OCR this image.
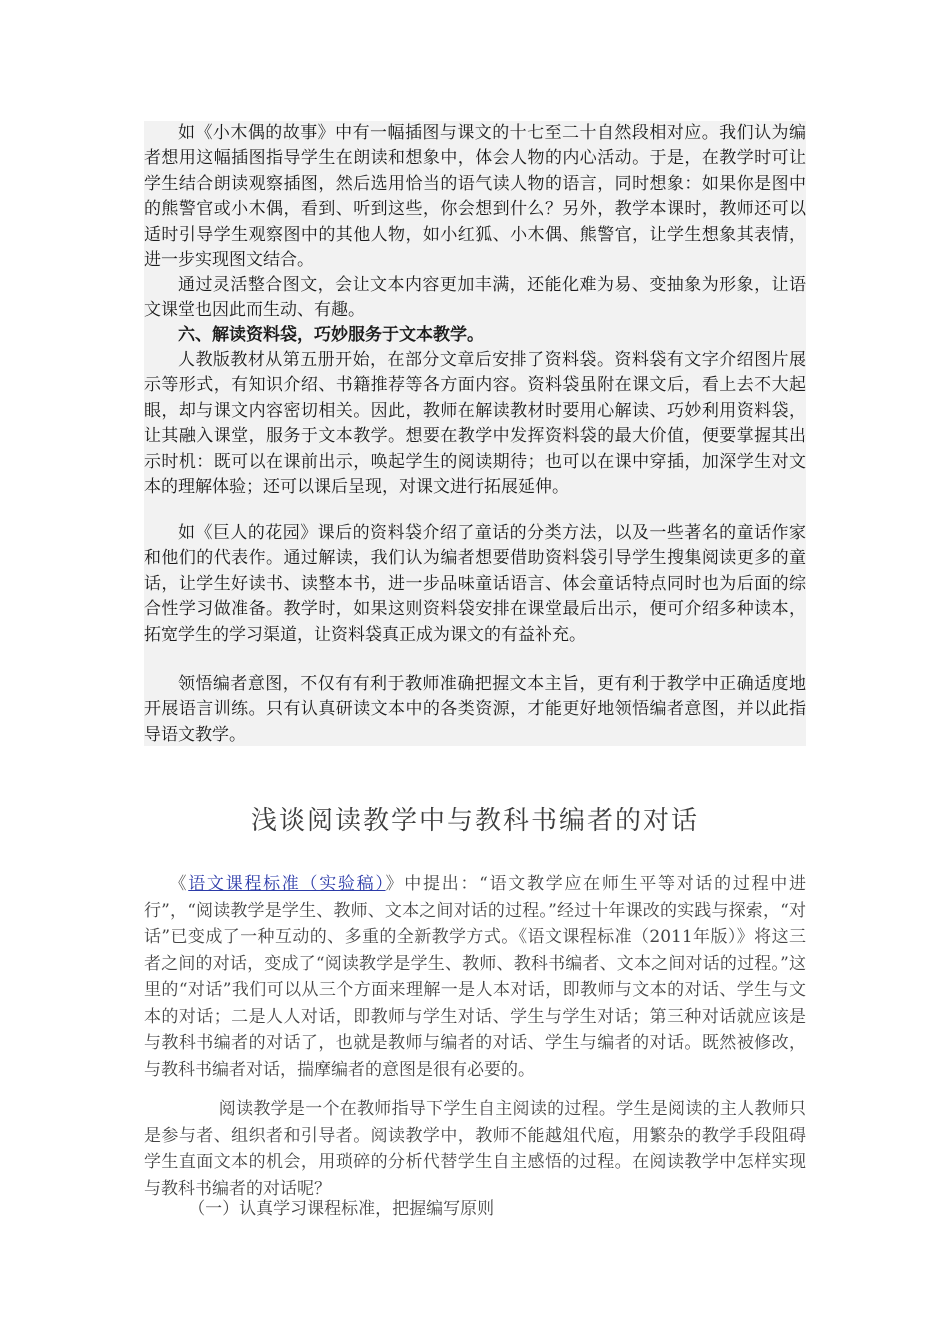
如《小木偶的故事》中有一幅插图与课文的十七至二十自然段相对应。我们认为编者想用这幅插图指导学生在朗读和想象中，体会人物的内心活动。于是，在教学时可让学生结合朗读观察插图，然后选用恰当的语气读人物的语言，同时想象：如果你是图中的熊警官或小木偶，看到、听到这些，你会想到什么？另外，教学本课时，教师还可以适时引导学生观察图中的其他人物，如小红狐、小木偶、熊警官，让学生想象其表情，进一步实现图文结合。

通过灵活整合图文，会让文本内容更加丰满，还能化难为易、变抽象为形象，让语文课堂也因此而生动、有趣。

六、解读资料袋，巧妙服务于文本教学。

人教版教材从第五册开始，在部分文章后安排了资料袋。资料袋有文字介绍图片展示等形式，有知识介绍、书籍推荐等各方面内容。资料袋虽附在课文后，看上去不大起眼，却与课文内容密切相关。因此，教师在解读教材时要用心解读、巧妙利用资料袋，让其融入课堂，服务于文本教学。想要在教学中发挥资料袋的最大价值，便要掌握其出示时机：既可以在课前出示，唤起学生的阅读期待；也可以在课中穿插，加深学生对文本的理解体验；还可以课后呈现，对课文进行拓展延伸。

如《巨人的花园》课后的资料袋介绍了童话的分类方法，以及一些著名的童话作家和他们的代表作。通过解读，我们认为编者想要借助资料袋引导学生搜集阅读更多的童话，让学生好读书、读整本书，进一步品味童话语言、体会童话特点同时也为后面的综合性学习做准备。教学时，如果这则资料袋安排在课堂最后出示，便可介绍多种读本，拓宽学生的学习渠道，让资料袋真正成为课文的有益补充。

领悟编者意图，不仅有有利于教师准确把握文本主旨，更有利于教学中正确适度地开展语言训练。只有认真研读文本中的各类资源，才能更好地领悟编者意图，并以此指导语文教学。

浅谈阅读教学中与教科书编者的对话

《语文课程标准（实验稿）》中提出：“语文教学应在师生平等对话的过程中进行”，“阅读教学是学生、教师、文本之间对话的过程。”经过十年课改的实践与探索，“对话”已变成了一种互动的、多重的全新教学方式。《语文课程标准（2011年版）》将这三者之间的对话，变成了“阅读教学是学生、教师、教科书编者、文本之间对话的过程。”这里的“对话”我们可以从三个方面来理解一是人本对话，即教师与文本的对话、学生与文本的对话；二是人人对话，即教师与学生对话、学生与学生对话；第三种对话就应该是与教科书编者的对话了，也就是教师与编者的对话、学生与编者的对话。既然被修改，与教科书编者对话，揣摩编者的意图是很有必要的。

阅读教学是一个在教师指导下学生自主阅读的过程。学生是阅读的主人教师只是参与者、组织者和引导者。阅读教学中，教师不能越俎代庖，用繁杂的教学手段阻碍学生直面文本的机会，用琐碎的分析代替学生自主感悟的过程。在阅读教学中怎样实现与教科书编者的对话呢？

（一）认真学习课程标准，把握编写原则
